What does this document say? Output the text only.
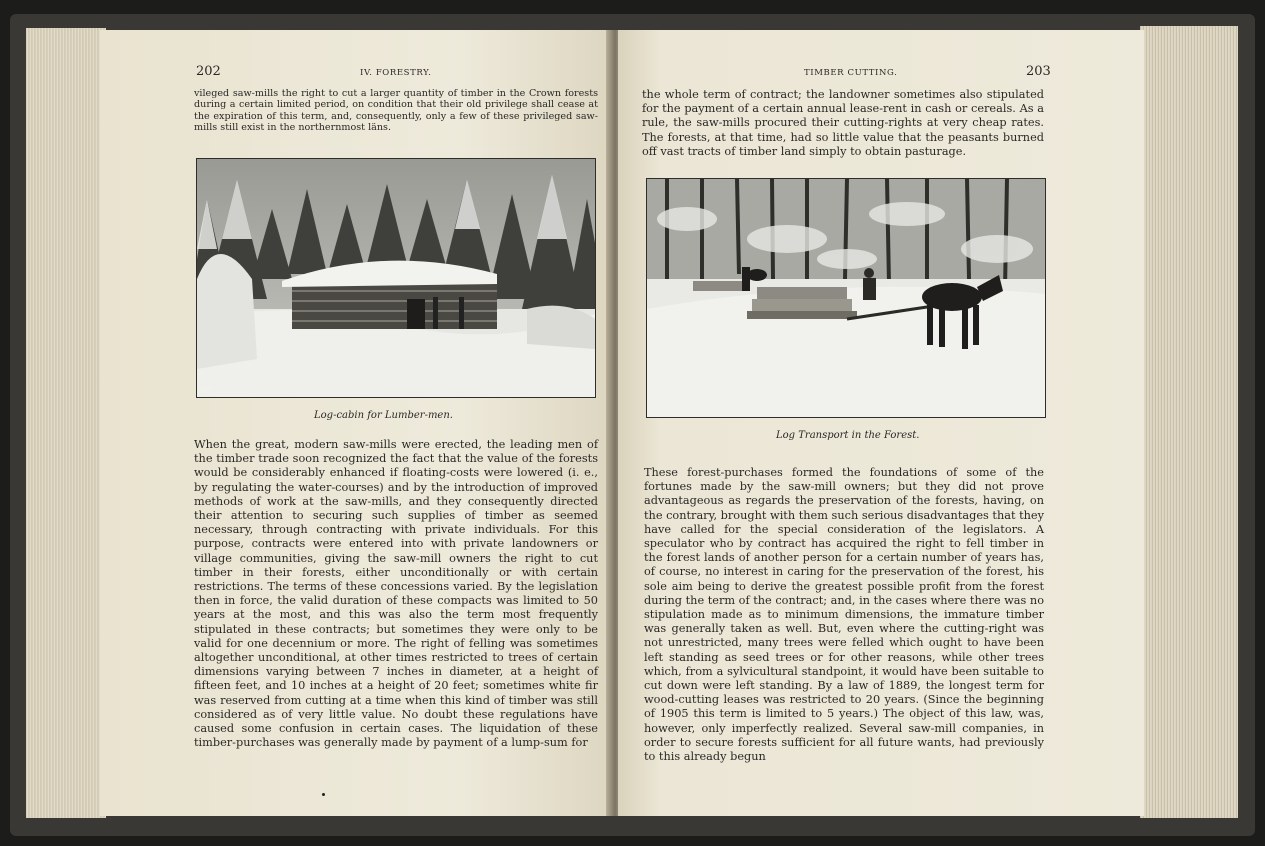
202	IV. FORESTRY.

vileged saw-mills the right to cut a larger quantity of timber in the Crown forests during a certain limited period, on condition that their old privilege shall cease at the expiration of this term, and, consequently, only a few of these privileged saw-mills still exist in the northernmost läns.

SVIT
Log-cabin for Lumber-men.

When the great, modern saw-mills were erected, the leading men of the timber trade soon recognized the fact that the value of the forests would be considerably enhanced if floating-costs were lowered (i. e., by regulating the water-courses) and by the introduction of improved methods of work at the saw-mills, and they consequently directed their attention to securing such supplies of timber as seemed necessary, through contracting with private individuals. For this purpose, contracts were entered into with private landowners or village communities, giving the saw-mill owners the right to cut timber in their forests, either unconditionally or with certain restrictions. The terms of these concessions varied. By the legislation then in force, the valid duration of these compacts was limited to 50 years at the most, and this was also the term most frequently stipulated in these contracts; but sometimes they were only to be valid for one decennium or more. The right of felling was sometimes altogether unconditional, at other times restricted to trees of certain dimensions varying between 7 inches in diameter, at a height of fifteen feet, and 10 inches at a height of 20 feet; sometimes white fir was reserved from cutting at a time when this kind of timber was still considered as of very little value. No doubt these regulations have caused some confusion in certain cases. The liquidation of these timber-purchases was generally made by payment of a lump-sum for

TIMBER CUTTING.	203

the whole term of contract; the landowner sometimes also stipulated for the payment of a certain annual lease-rent in cash or cereals. As a rule, the saw-mills procured their cutting-rights at very cheap rates. The forests, at that time, had so little value that the peasants burned off vast tracts of timber land simply to obtain pasturage.

SVIT
Log Transport in the Forest.

These forest-purchases formed the foundations of some of the fortunes made by the saw-mill owners; but they did not prove advantageous as regards the preservation of the forests, having, on the contrary, brought with them such serious disadvantages that they have called for the special consideration of the legislators. A speculator who by contract has acquired the right to fell timber in the forest lands of another person for a certain number of years has, of course, no interest in caring for the preservation of the forest, his sole aim being to derive the greatest possible profit from the forest during the term of the contract; and, in the cases where there was no stipulation made as to minimum dimensions, the immature timber was generally taken as well. But, even where the cutting-right was not unrestricted, many trees were felled which ought to have been left standing as seed trees or for other reasons, while other trees which, from a sylvicultural standpoint, it would have been suitable to cut down were left standing. By a law of 1889, the longest term for wood-cutting leases was restricted to 20 years. (Since the beginning of 1905 this term is limited to 5 years.) The object of this law, was, however, only imperfectly realized. Several saw-mill companies, in order to secure forests sufficient for all future wants, had previously to this already begun
